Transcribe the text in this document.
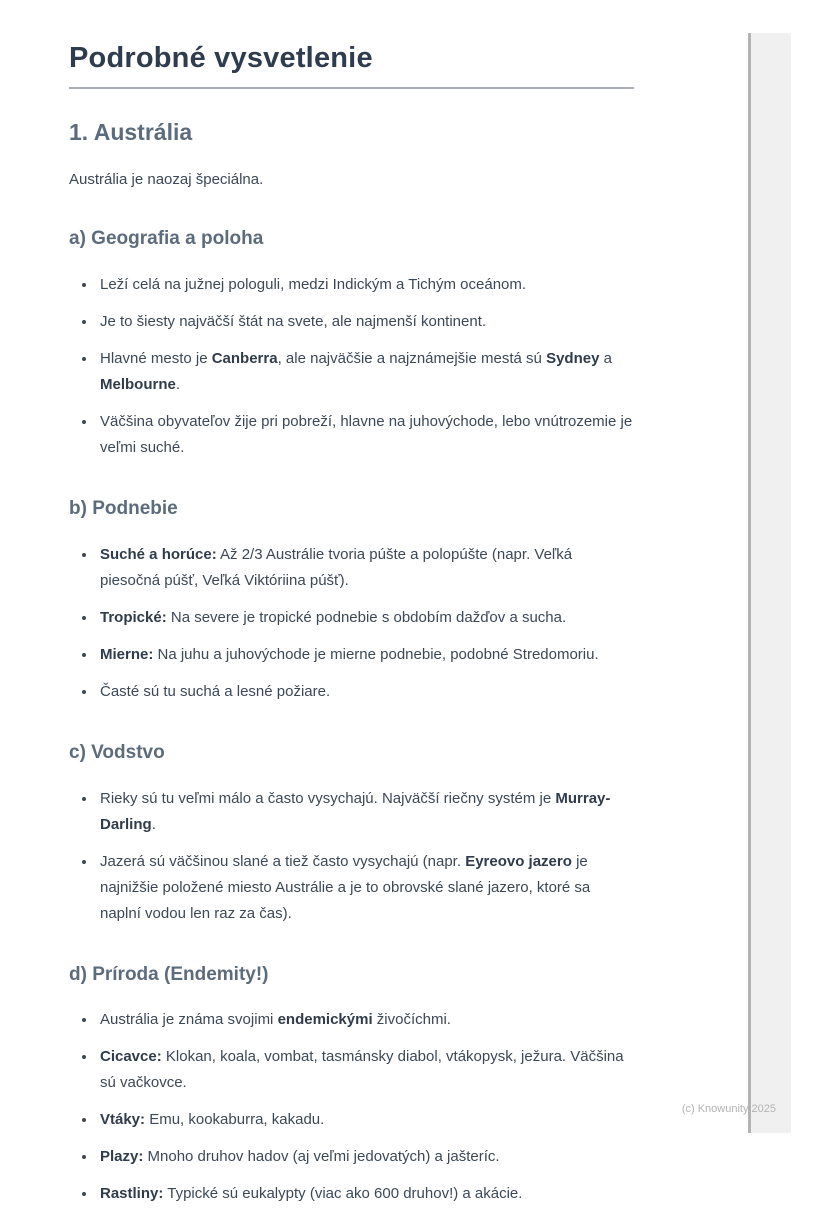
Podrobné vysvetlenie
1. Austrália

Austrália je naozaj špeciálna.

a) Geografia a poloha
• Leží celá na južnej pologuli, medzi Indickým a Tichým oceánom.
• Je to šiesty najväčší štát na svete, ale najmenší kontinent.
• Hlavné mesto je Canberra, ale najväčšie a najznámejšie mestá sú Sydney a Melbourne.
• Väčšina obyvateľov žije pri pobreží, hlavne na juhovýchode, lebo vnútrozemie je veľmi suché.
b) Podnebie
• Suché a horúce: Až 2/3 Austrálie tvoria púšte a polopúšte (napr. Veľká piesočná púšť, Veľká Viktóriina púšť).
• Tropické: Na severe je tropické podnebie s obdobím dažďov a sucha.
• Mierne: Na juhu a juhovýchode je mierne podnebie, podobné Stredomoriu.
• Časté sú tu suchá a lesné požiare.
c) Vodstvo
• Rieky sú tu veľmi málo a často vysychajú. Najväčší riečny systém je Murray-Darling.
• Jazerá sú väčšinou slané a tiež často vysychajú (napr. Eyreovo jazero je najnižšie položené miesto Austrálie a je to obrovské slané jazero, ktoré sa naplní vodou len raz za čas).
d) Príroda (Endemity!)
• Austrália je známa svojimi endemickými živočíchmi.
• Cicavce: Klokan, koala, vombat, tasmánsky diabol, vtákopysk, ježura. Väčšina sú vačkovce.
• Vtáky: Emu, kookaburra, kakadu.
• Plazy: Mnoho druhov hadov (aj veľmi jedovatých) a jašteríc.
• Rastliny: Typické sú eukalypty (viac ako 600 druhov!) a akácie.
(c) Knowunity 2025
